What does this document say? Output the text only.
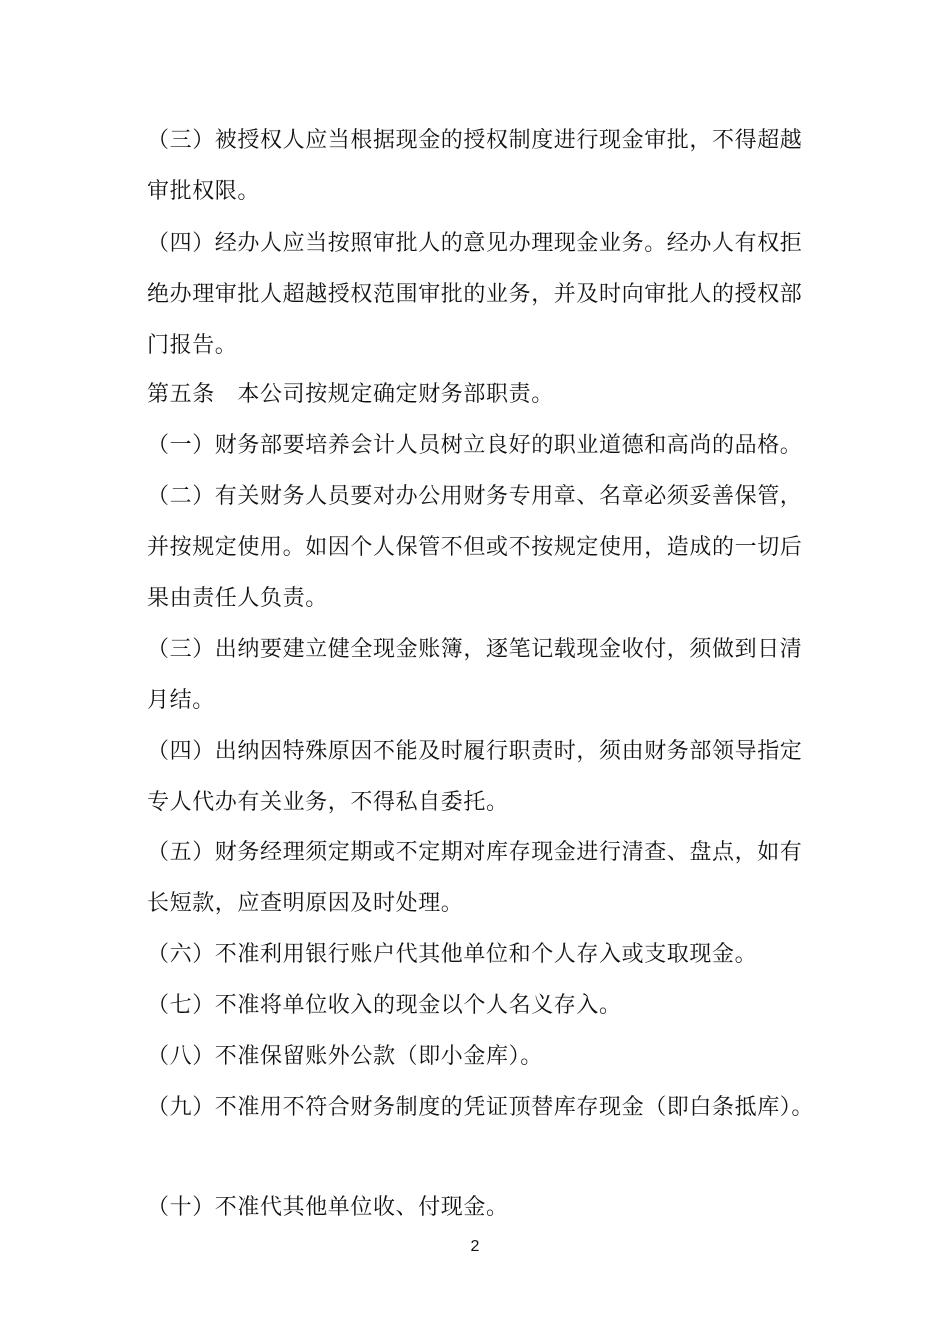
（三）被授权人应当根据现金的授权制度进行现金审批，不得超越
审批权限。
（四）经办人应当按照审批人的意见办理现金业务。经办人有权拒
绝办理审批人超越授权范围审批的业务，并及时向审批人的授权部
门报告。
第五条　本公司按规定确定财务部职责。
（一）财务部要培养会计人员树立良好的职业道德和高尚的品格。
（二）有关财务人员要对办公用财务专用章、名章必须妥善保管，
并按规定使用。如因个人保管不但或不按规定使用，造成的一切后
果由责任人负责。
（三）出纳要建立健全现金账簿，逐笔记载现金收付，须做到日清
月结。
（四）出纳因特殊原因不能及时履行职责时，须由财务部领导指定
专人代办有关业务，不得私自委托。
（五）财务经理须定期或不定期对库存现金进行清查、盘点，如有
长短款，应查明原因及时处理。
（六）不准利用银行账户代其他单位和个人存入或支取现金。
（七）不准将单位收入的现金以个人名义存入。
（八）不准保留账外公款（即小金库）。
（九）不准用不符合财务制度的凭证顶替库存现金（即白条抵库）。
（十）不准代其他单位收、付现金。
2
